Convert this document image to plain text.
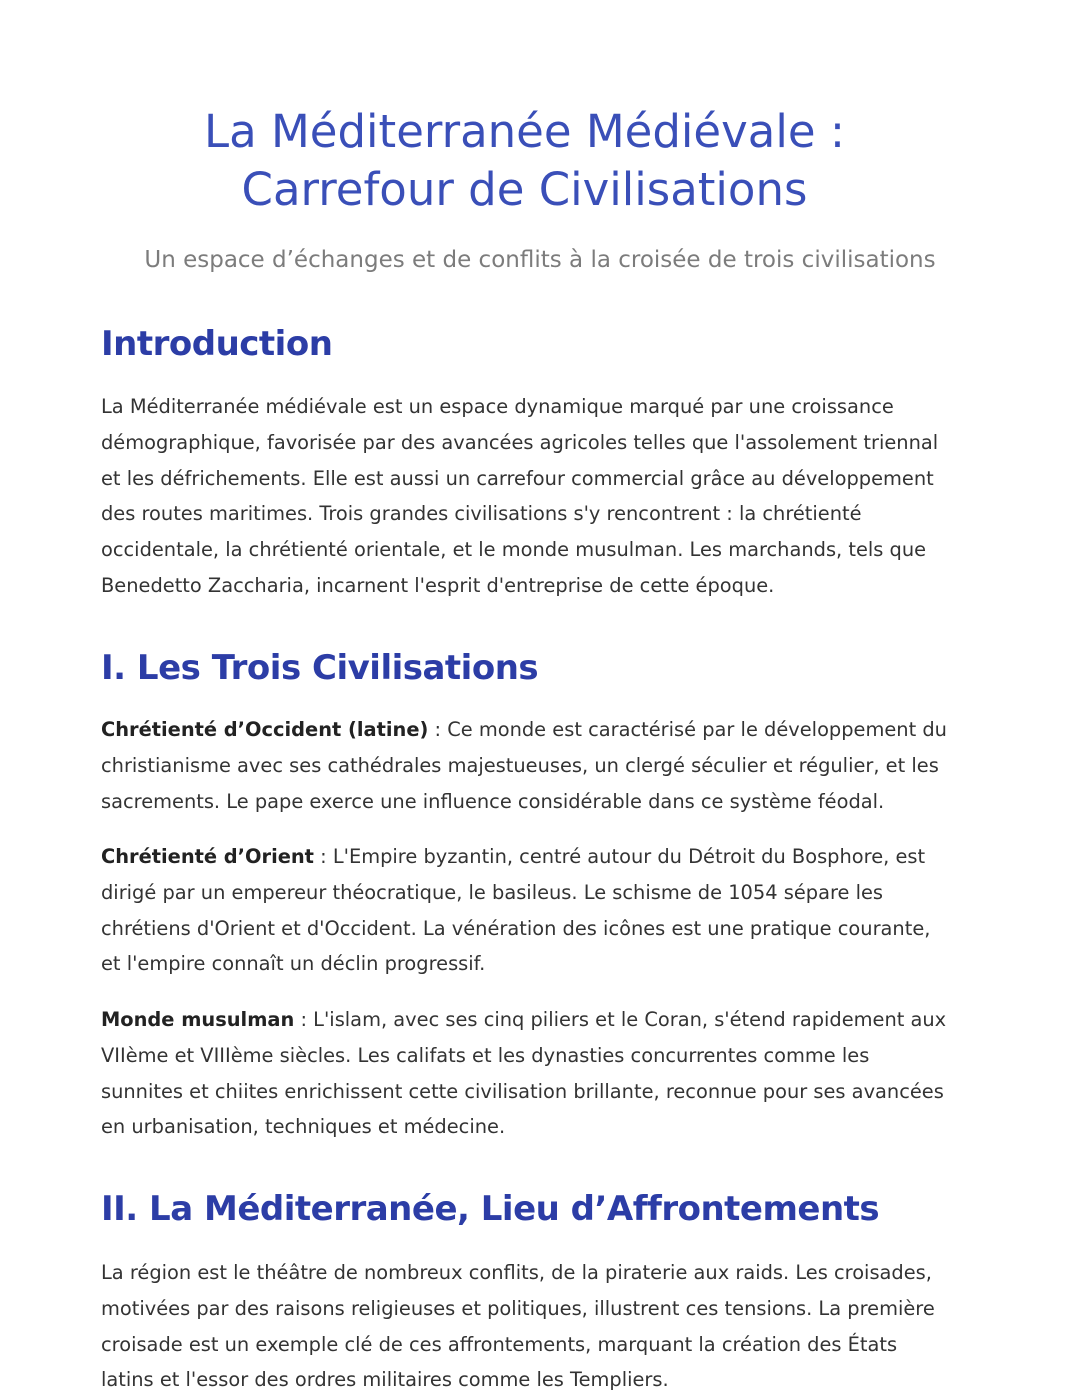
La Méditerranée Médiévale : Carrefour de Civilisations

Un espace d’échanges et de conflits à la croisée de trois civilisations

Introduction

La Méditerranée médiévale est un espace dynamique marqué par une croissance démographique, favorisée par des avancées agricoles telles que l'assolement triennal et les défrichements. Elle est aussi un carrefour commercial grâce au développement des routes maritimes. Trois grandes civilisations s'y rencontrent : la chrétienté occidentale, la chrétienté orientale, et le monde musulman. Les marchands, tels que Benedetto Zaccharia, incarnent l'esprit d'entreprise de cette époque.

I. Les Trois Civilisations

Chrétienté d’Occident (latine) : Ce monde est caractérisé par le développement du christianisme avec ses cathédrales majestueuses, un clergé séculier et régulier, et les sacrements. Le pape exerce une influence considérable dans ce système féodal.

Chrétienté d’Orient : L'Empire byzantin, centré autour du Détroit du Bosphore, est dirigé par un empereur théocratique, le basileus. Le schisme de 1054 sépare les chrétiens d'Orient et d'Occident. La vénération des icônes est une pratique courante, et l'empire connaît un déclin progressif.

Monde musulman : L'islam, avec ses cinq piliers et le Coran, s'étend rapidement aux VIIème et VIIIème siècles. Les califats et les dynasties concurrentes comme les sunnites et chiites enrichissent cette civilisation brillante, reconnue pour ses avancées en urbanisation, techniques et médecine.

II. La Méditerranée, Lieu d’Affrontements

La région est le théâtre de nombreux conflits, de la piraterie aux raids. Les croisades, motivées par des raisons religieuses et politiques, illustrent ces tensions. La première croisade est un exemple clé de ces affrontements, marquant la création des États latins et l'essor des ordres militaires comme les Templiers.
